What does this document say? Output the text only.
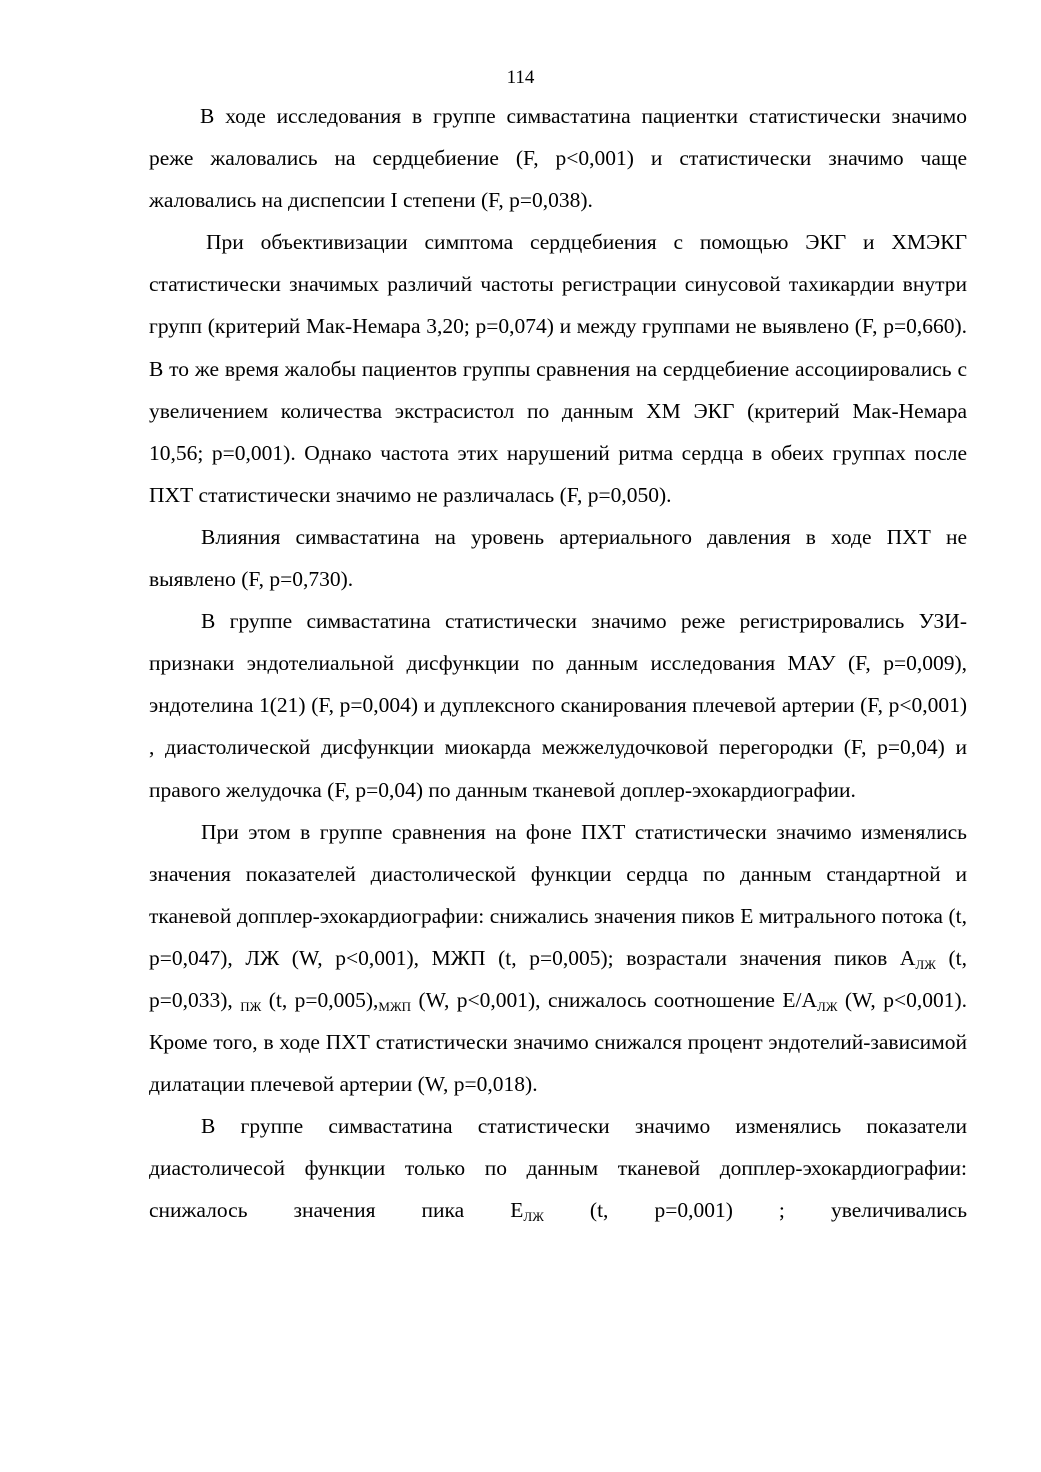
114

В ходе исследования в группе симвастатина пациентки статистически значимо реже жаловались на сердцебиение (F, p<0,001) и статистически значимо чаще жаловались на диспепсии I степени (F, p=0,038).

При объективизации симптома сердцебиения с помощью ЭКГ и ХМЭКГ статистически значимых различий частоты регистрации синусовой тахикардии внутри групп (критерий Мак-Немара 3,20; p=0,074) и между группами не выявлено (F, p=0,660). В то же время жалобы пациентов группы сравнения на сердцебиение ассоциировались с увеличением количества экстрасистол по данным ХМ ЭКГ (критерий Мак-Немара 10,56; p=0,001). Однако частота этих нарушений ритма сердца в обеих группах после ПХТ статистически значимо не различалась (F, p=0,050).

Влияния симвастатина на уровень артериального давления в ходе ПХТ не выявлено (F, p=0,730).

В группе симвастатина статистически значимо реже регистрировались УЗИ-признаки эндотелиальной дисфункции по данным исследования МАУ (F, p=0,009), эндотелина 1(21) (F, p=0,004) и дуплексного сканирования плечевой артерии (F, p<0,001) , диастолической дисфункции миокарда межжелудочковой перегородки (F, p=0,04) и правого желудочка (F, p=0,04) по данным тканевой доплер-эхокардиографии.

При этом в группе сравнения на фоне ПХТ статистически значимо изменялись значения показателей диастолической функции сердца по данным стандартной и тканевой допплер-эхокардиографии: снижались значения пиков Е митрального потока (t, p=0,047), ЛЖ (W, p<0,001), МЖП (t, p=0,005); возрастали значения пиков $А_{ЛЖ}$ (t, p=0,033), $_{ПЖ}$ (t, $p=0,005),_{МЖП}$ (W, p<0,001), снижалось соотношение $Е/А_{ЛЖ}$ (W, p<0,001). Кроме того, в ходе ПХТ статистически значимо снижался процент эндотелий-зависимой дилатации плечевой артерии (W, p=0,018).

В группе симвастатина статистически значимо изменялись показатели диастоличесой функции только по данным тканевой допплер-эхокардиографии: снижалось значения пика $Е_{ЛЖ}$ (t, p=0,001) ; увеличивались
